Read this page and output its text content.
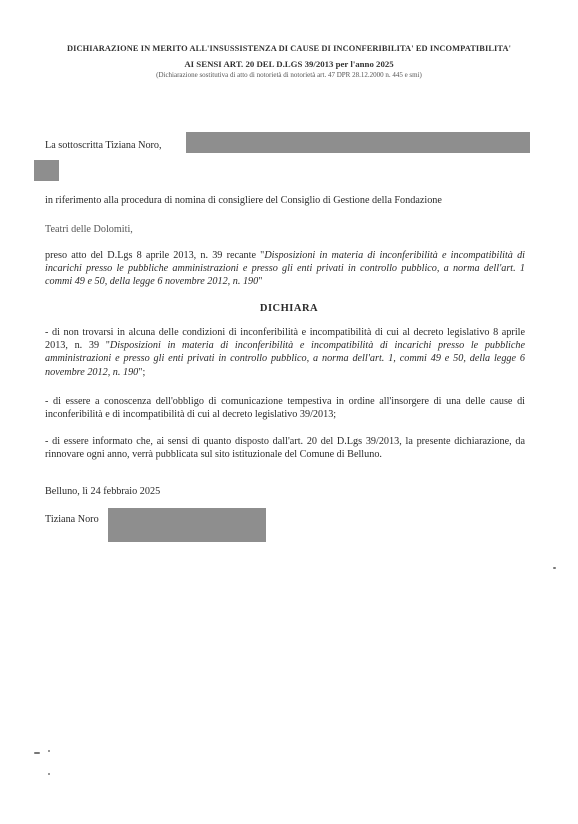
DICHIARAZIONE IN MERITO ALL'INSUSSISTENZA DI CAUSE DI INCONFERIBILITA' ED INCOMPATIBILITA'
AI SENSI ART. 20 DEL D.LGS 39/2013 per l'anno 2025
(Dichiarazione sostitutiva di atto di notorietà di notorietà art. 47 DPR 28.12.2000 n. 445 e smi)
La sottoscritta Tiziana Noro,
in riferimento alla procedura di nomina di consigliere del Consiglio di Gestione della Fondazione
Teatri delle Dolomiti,
preso atto del D.Lgs 8 aprile 2013, n. 39 recante "Disposizioni in materia di inconferibilità e incompatibilità di incarichi presso le pubbliche amministrazioni e presso gli enti privati in controllo pubblico, a norma dell'art. 1 commi 49 e 50, della legge 6 novembre 2012, n. 190"
DICHIARA
- di non trovarsi in alcuna delle condizioni di inconferibilità e incompatibilità di cui al decreto legislativo 8 aprile 2013, n. 39 "Disposizioni in materia di inconferibilità e incompatibilità di incarichi presso le pubbliche amministrazioni e presso gli enti privati in controllo pubblico, a norma dell'art. 1, commi 49 e 50, della legge 6 novembre 2012, n. 190";
- di essere a conoscenza dell'obbligo di comunicazione tempestiva in ordine all'insorgere di una delle cause di inconferibilità e di incompatibilità di cui al decreto legislativo 39/2013;
- di essere informato che, ai sensi di quanto disposto dall'art. 20 del D.Lgs 39/2013, la presente dichiarazione, da rinnovare ogni anno, verrà pubblicata sul sito istituzionale del Comune di Belluno.
Belluno, lì 24 febbraio 2025
Tiziana Noro
